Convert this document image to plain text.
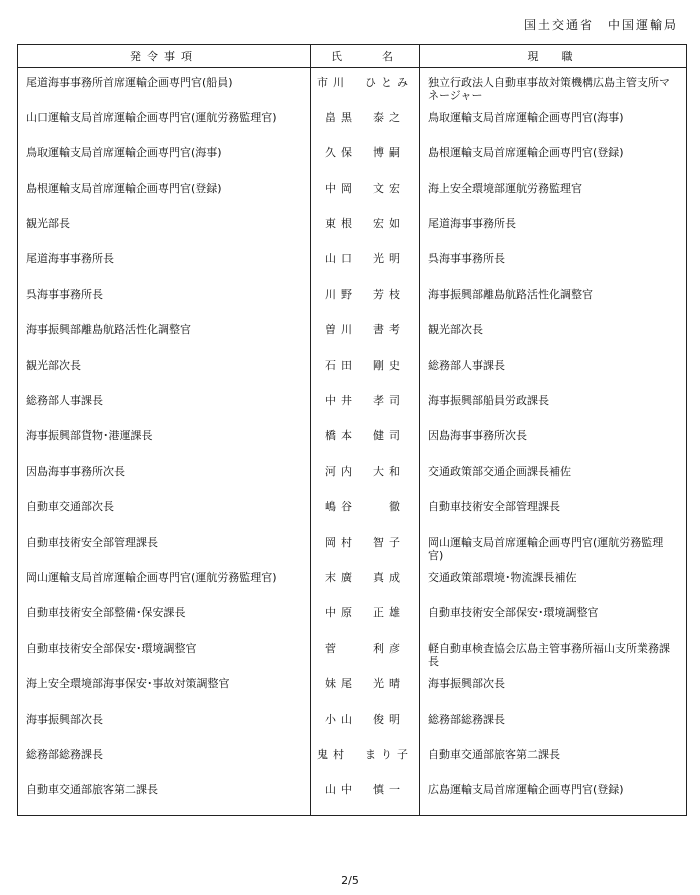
国土交通省　中国運輸局
発令事項	氏　　名	現　職

尾道海事事務所首席運輸企画専門官(船員)	市川　ひとみ	独立行政法人自動車事故対策機構広島主管支所マネージャー

山口運輸支局首席運輸企画専門官(運航労務監理官)	畠黒　泰之	鳥取運輸支局首席運輸企画専門官(海事)

鳥取運輸支局首席運輸企画専門官(海事)	久保　博嗣	島根運輸支局首席運輸企画専門官(登録)

島根運輸支局首席運輸企画専門官(登録)	中岡　文宏	海上安全環境部運航労務監理官

観光部長	東根　宏如	尾道海事事務所長

尾道海事事務所長	山口　光明	呉海事事務所長

呉海事事務所長	川野　芳枝	海事振興部離島航路活性化調整官

海事振興部離島航路活性化調整官	曽川　書考	観光部次長

観光部次長	石田　剛史	総務部人事課長

総務部人事課長	中井　孝司	海事振興部船員労政課長

海事振興部貨物･港運課長	橋本　健司	因島海事事務所次長

因島海事事務所次長	河内　大和	交通政策部交通企画課長補佐

自動車交通部次長	嶋谷　　徹	自動車技術安全部管理課長

自動車技術安全部管理課長	岡村　智子	岡山運輸支局首席運輸企画専門官(運航労務監理官)

岡山運輸支局首席運輸企画専門官(運航労務監理官)	末廣　真成	交通政策部環境･物流課長補佐

自動車技術安全部整備･保安課長	中原　正雄	自動車技術安全部保安･環境調整官

自動車技術安全部保安･環境調整官	菅　　利彦	軽自動車検査協会広島主管事務所福山支所業務課長

海上安全環境部海事保安･事故対策調整官	妹尾　光晴	海事振興部次長

海事振興部次長	小山　俊明	総務部総務課長

総務部総務課長	鬼村　まり子	自動車交通部旅客第二課長

自動車交通部旅客第二課長	山中　慎一	広島運輸支局首席運輸企画専門官(登録)
2/5
